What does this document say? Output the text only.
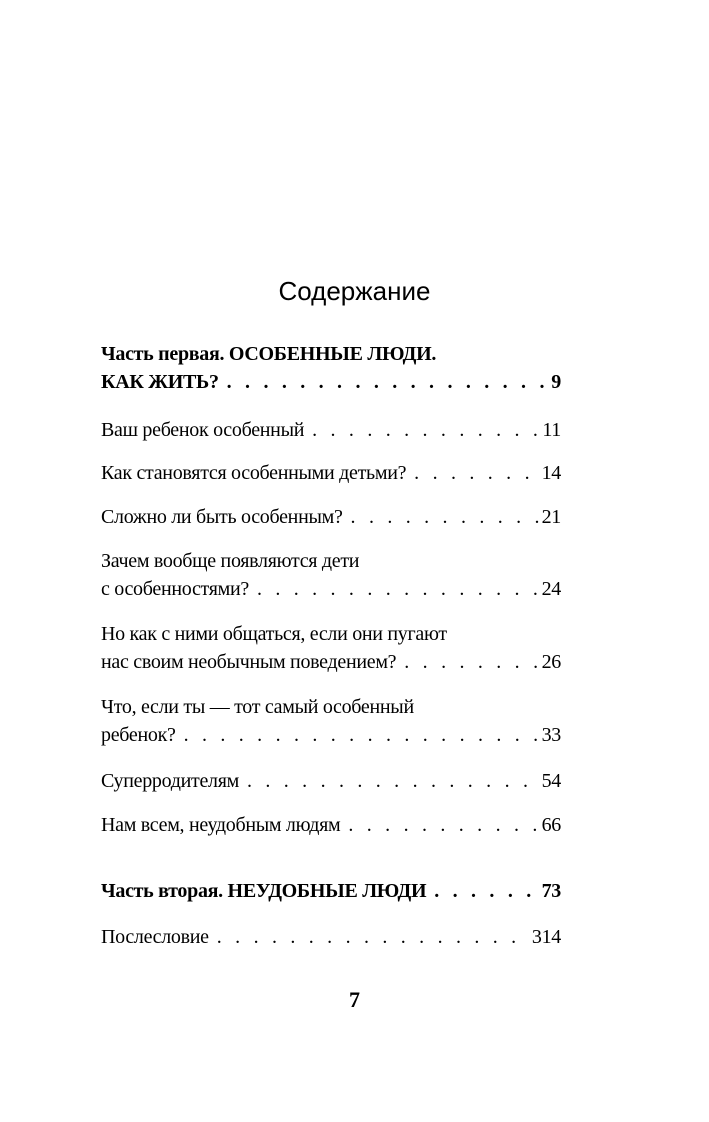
Содержание
Часть первая. ОСОБЕННЫЕ ЛЮДИ.
КАК ЖИТЬ? . . .	9
Ваш ребенок особенный . . .	11
Как становятся особенными детьми? . . .	14
Сложно ли быть особенным? . . .	21
Зачем вообще появляются дети
с особенностями? . . .	24
Но как с ними общаться, если они пугают
нас своим необычным поведением? . . .	26
Что, если ты — тот самый особенный
ребенок? . . .	33
Суперродителям . . .	54
Нам всем, неудобным людям . . .	66
Часть вторая. НЕУДОБНЫЕ ЛЮДИ . . .	73
Послесловие . . .	314
7
